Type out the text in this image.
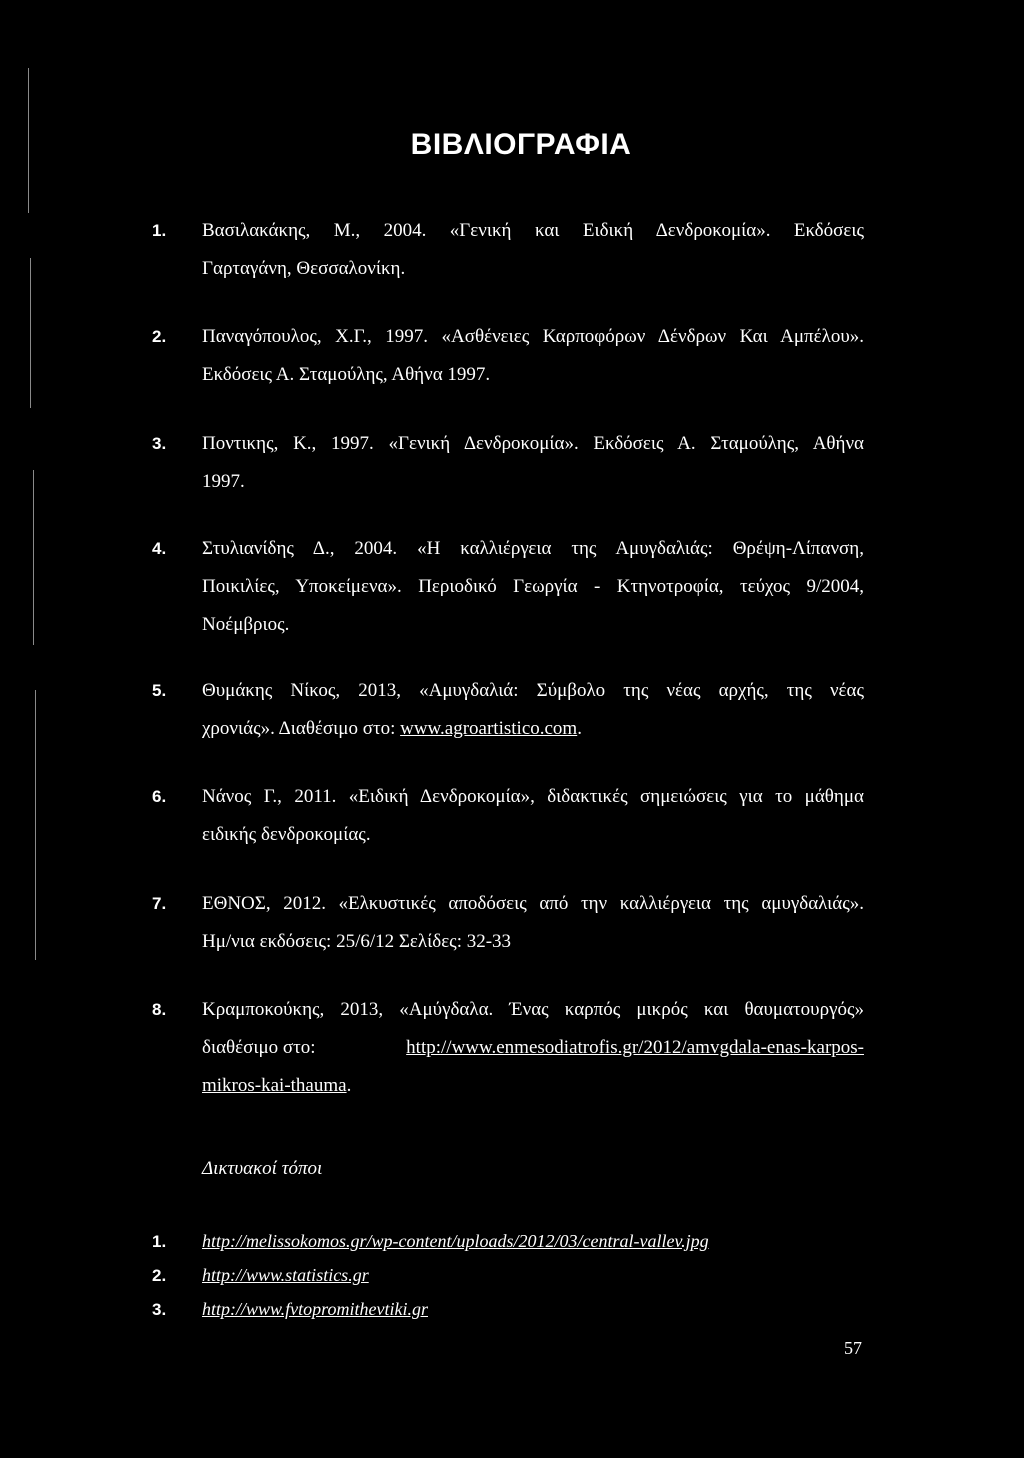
ΒΙΒΛΙΟΓΡΑΦΙΑ
1.	Βασιλακάκης, Μ., 2004. «Γενική και Ειδική Δενδροκομία». Εκδόσεις
Γαρταγάνη, Θεσσαλονίκη.
2.	Παναγόπουλος, Χ.Γ., 1997. «Ασθένειες Καρποφόρων Δένδρων Και Αμπέλου».
Εκδόσεις Α. Σταμούλης, Αθήνα 1997.
3.	Ποντικης, Κ., 1997. «Γενική Δενδροκομία». Εκδόσεις Α. Σταμούλης, Αθήνα
1997.
4.	Στυλιανίδης Δ., 2004. «Η καλλιέργεια της Αμυγδαλιάς: Θρέψη-Λίπανση,
Ποικιλίες, Υποκείμενα». Περιοδικό Γεωργία - Κτηνοτροφία, τεύχος 9/2004,
Νοέμβριος.
5.	Θυμάκης Νίκος, 2013, «Αμυγδαλιά: Σύμβολο της νέας αρχής, της νέας
χρονιάς». Διαθέσιμο στο: www.agroartistico.com.
6.	Νάνος Γ., 2011. «Ειδική Δενδροκομία», διδακτικές σημειώσεις για το μάθημα
ειδικής δενδροκομίας.
7.	ΕΘΝΟΣ, 2012. «Ελκυστικές αποδόσεις από την καλλιέργεια της αμυγδαλιάς».
Ημ/νια εκδόσεις: 25/6/12 Σελίδες: 32-33
8.	Κραμποκούκης, 2013, «Αμύγδαλα. Ένας καρπός μικρός και θαυματουργός»
διαθέσιμο στο:	http://www.enmesodiatrofis.gr/2012/amvgdala-enas-karpos-
mikros-kai-thauma.
Δικτυακοί τόποι
1. http://melissokomos.gr/wp-content/uploads/2012/03/central-vallev.jpg
2. http://www.statistics.gr
3. http://www.fvtopromithevtiki.gr
57
